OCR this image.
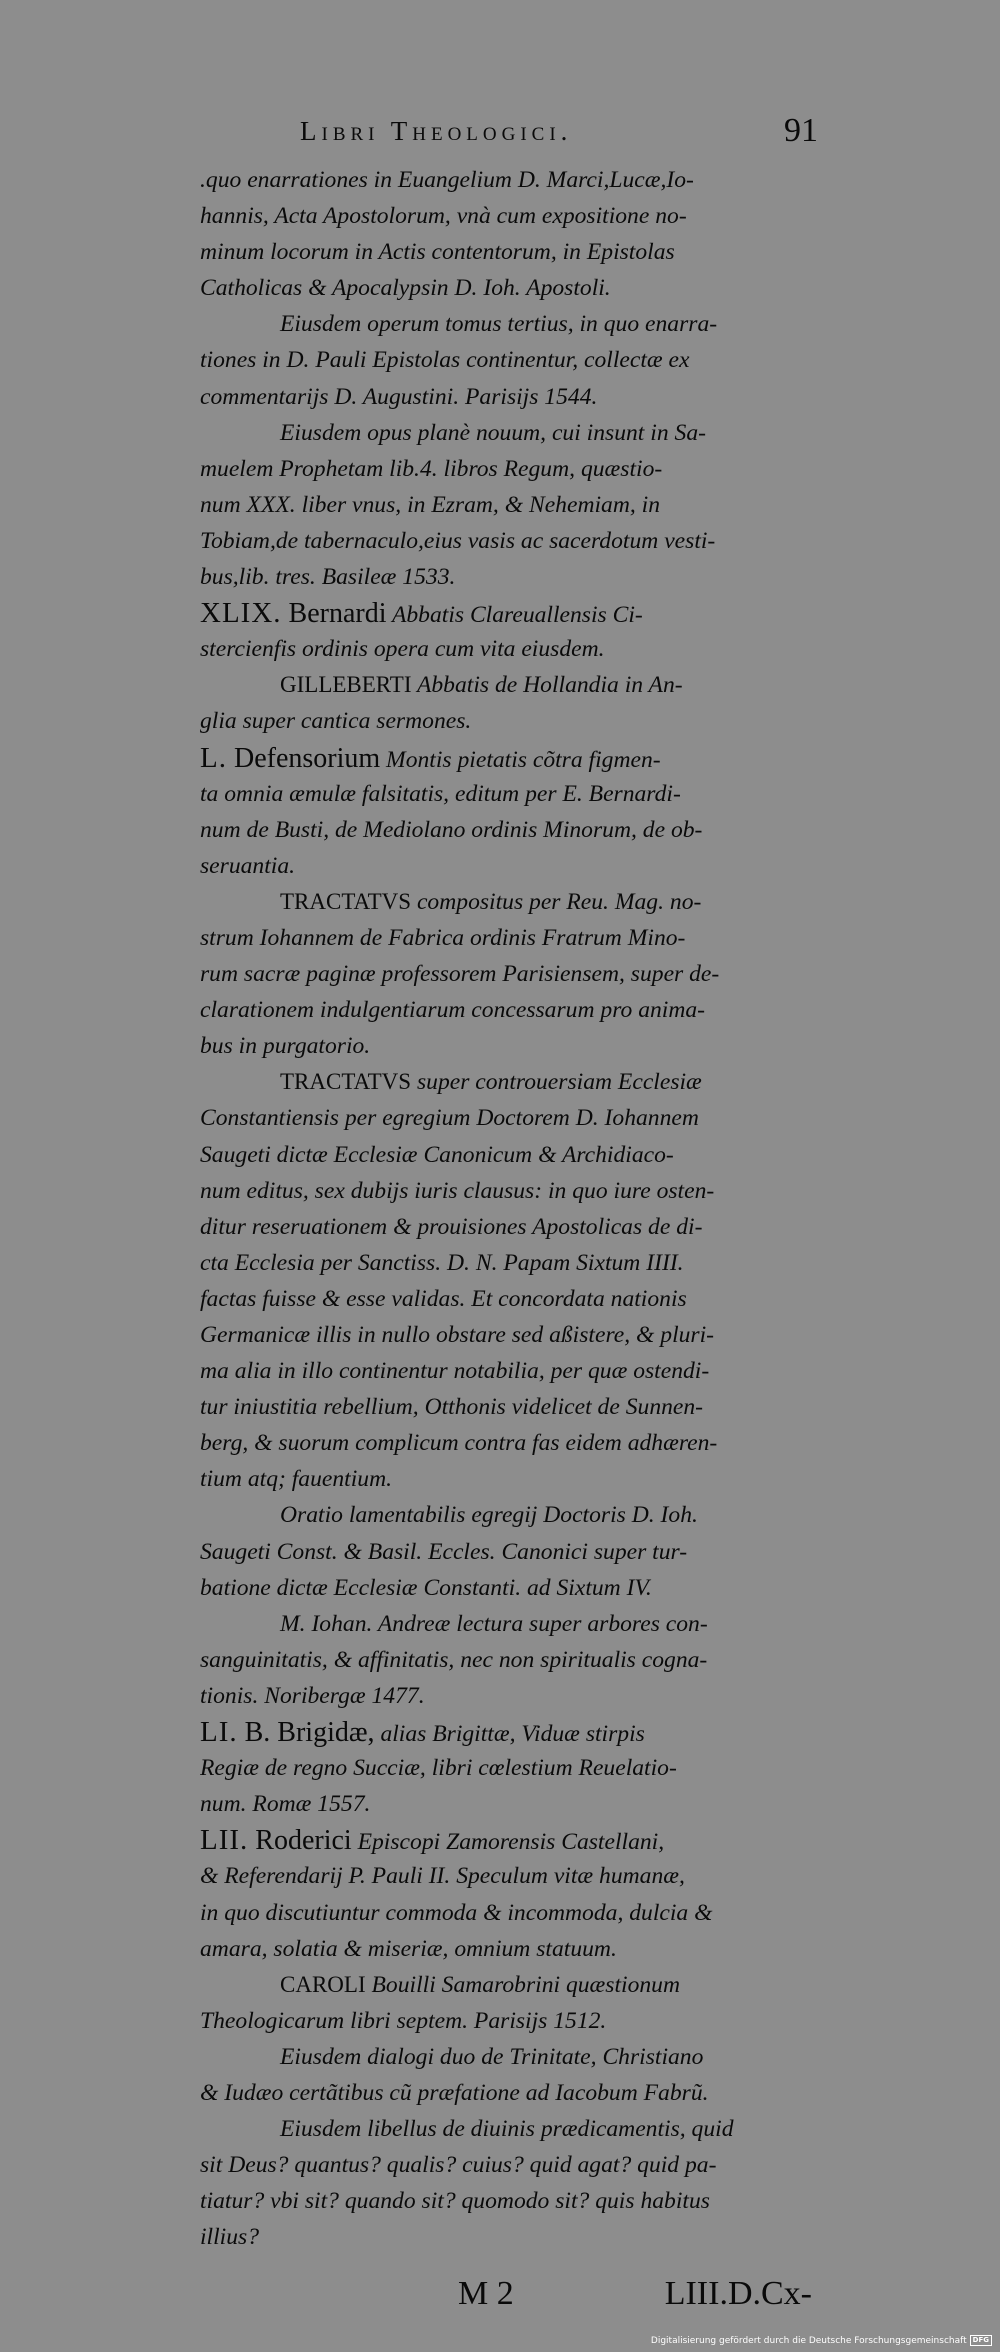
Libri Theologici.	91
.quo enarrationes in Euangelium D. Marci,Lucæ,Io-
hannis, Acta Apostolorum, vnà cum expositione no-
minum locorum in Actis contentorum, in Epistolas
Catholicas & Apocalypsin D. Ioh. Apostoli.
Eiusdem operum tomus tertius, in quo enarra-
tiones in D. Pauli Epistolas continentur, collectæ ex
commentarijs D. Augustini. Parisijs 1544.
Eiusdem opus planè nouum, cui insunt in Sa-
muelem Prophetam lib.4. libros Regum, quæstio-
num XXX. liber vnus, in Ezram, & Nehemiam, in
Tobiam,de tabernaculo,eius vasis ac sacerdotum vesti-
bus,lib. tres. Basileæ 1533.
XLIX. Bernardi Abbatis Clareuallensis Ci-
stercienfis ordinis opera cum vita eiusdem.
GILLEBERTI Abbatis de Hollandia in An-
glia super cantica sermones.
L. Defensorium Montis pietatis cõtra figmen-
ta omnia æmulæ falsitatis, editum per E. Bernardi-
num de Busti, de Mediolano ordinis Minorum, de ob-
seruantia.
TRACTATVS compositus per Reu. Mag. no-
strum Iohannem de Fabrica ordinis Fratrum Mino-
rum sacræ paginæ professorem Parisiensem, super de-
clarationem indulgentiarum concessarum pro anima-
bus in purgatorio.
TRACTATVS super controuersiam Ecclesiæ
Constantiensis per egregium Doctorem D. Iohannem
Saugeti dictæ Ecclesiæ Canonicum & Archidiaco-
num editus, sex dubijs iuris clausus: in quo iure osten-
ditur reseruationem & prouisiones Apostolicas de di-
cta Ecclesia per Sanctiss. D. N. Papam Sixtum IIII.
factas fuisse & esse validas. Et concordata nationis
Germanicæ illis in nullo obstare sed aßistere, & pluri-
ma alia in illo continentur notabilia, per quæ ostendi-
tur iniustitia rebellium, Otthonis videlicet de Sunnen-
berg, & suorum complicum contra fas eidem adhæren-
tium atq; fauentium.
Oratio lamentabilis egregij Doctoris D. Ioh.
Saugeti Const. & Basil. Eccles. Canonici super tur-
batione dictæ Ecclesiæ Constanti. ad Sixtum IV.
M. Iohan. Andreæ lectura super arbores con-
sanguinitatis, & affinitatis, nec non spiritualis cogna-
tionis. Noribergæ 1477.
LI. B. Brigidæ, alias Brigittæ, Viduæ stirpis
Regiæ de regno Succiæ, libri cœlestium Reuelatio-
num. Romæ 1557.
LII. Roderici Episcopi Zamorensis Castellani,
& Referendarij P. Pauli II. Speculum vitæ humanæ,
in quo discutiuntur commoda & incommoda, dulcia &
amara, solatia & miseriæ, omnium statuum.
CAROLI Bouilli Samarobrini quæstionum
Theologicarum libri septem. Parisijs 1512.
Eiusdem dialogi duo de Trinitate, Christiano
& Iudæo certãtibus cũ præfatione ad Iacobum Fabrũ.
Eiusdem libellus de diuinis prædicamentis, quid
sit Deus? quantus? qualis? cuius? quid agat? quid pa-
tiatur? vbi sit? quando sit? quomodo sit? quis habitus
illius?
M 2	LIII.D.Cx-
Digitalisierung gefördert durch die Deutsche Forschungsgemeinschaft DFG
